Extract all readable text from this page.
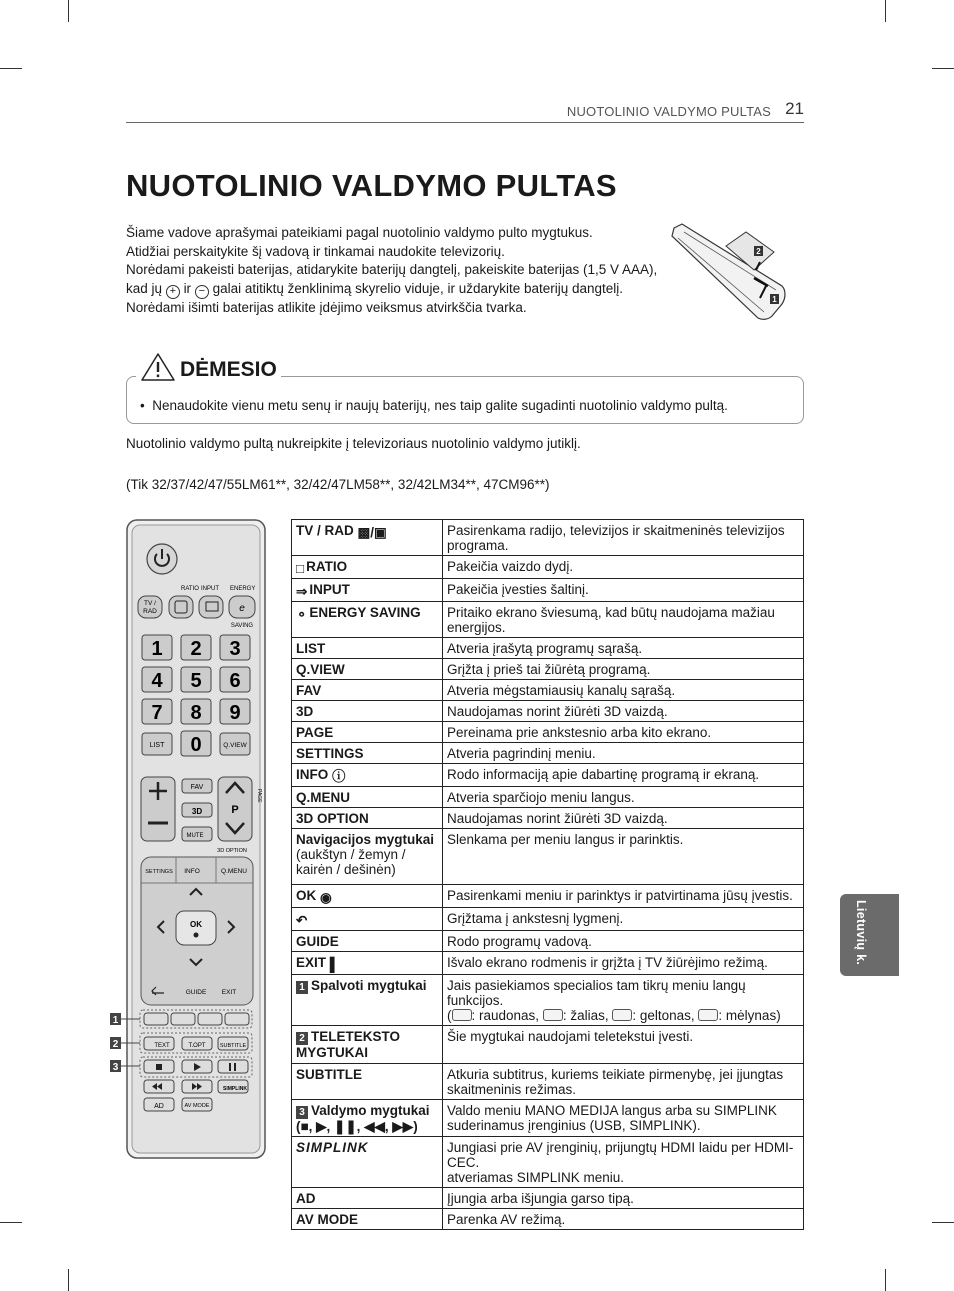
NUOTOLINIO VALDYMO PULTAS 21
NUOTOLINIO VALDYMO PULTAS
Šiame vadove aprašymai pateikiami pagal nuotolinio valdymo pulto mygtukus.
Atidžiai perskaitykite šį vadovą ir tinkamai naudokite televizorių.
Norėdami pakeisti baterijas, atidarykite baterijų dangtelį, pakeiskite baterijas (1,5 V AAA),
kad jų + ir − galai atitiktų ženklinimą skyrelio viduje, ir uždarykite baterijų dangtelį.
Norėdami išimti baterijas atlikite įdėjimo veiksmus atvirkščia tvarka.
2
1
DĖMESIO
• Nenaudokite vienu metu senų ir naujų baterijų, nes taip galite sugadinti nuotolinio valdymo pultą.
Nuotolinio valdymo pultą nukreipkite į televizoriaus nuotolinio valdymo jutiklį.
(Tik 32/37/42/47/55LM61**, 32/42/47LM58**, 32/42LM34**, 47CM96**)
RATIO INPUT ENERGY
TV /
RAD	e
SAVING
1 2 3
4 5 6
7 8 9
0
LIST	Q.VIEW
P
FAV
3D
MUTE
PAGE
3D OPTION
SETTINGS INFO	Q.MENU
OK
GUIDE EXIT
TEXT	T.OPT	SUBTITLE
SIMPLINK
AD	AV MODE
1
2
3
TV / RAD ▩/▣	Pasirenkama radijo, televizijos ir skaitmeninės televizijos programa.
□ RATIO	Pakeičia vaizdo dydį.
⇒ INPUT	Pakeičia įvesties šaltinį.
⚬ ENERGY SAVING	Pritaiko ekrano šviesumą, kad būtų naudojama mažiau energijos.
LIST	Atveria įrašytą programų sąrašą.
Q.VIEW	Grįžta į prieš tai žiūrėtą programą.
FAV	Atveria mėgstamiausių kanalų sąrašą.
3D	Naudojamas norint žiūrėti 3D vaizdą.
PAGE	Pereinama prie ankstesnio arba kito ekrano.
SETTINGS	Atveria pagrindinį meniu.
INFO ⓘ	Rodo informaciją apie dabartinę programą ir ekraną.
Q.MENU	Atveria sparčiojo meniu langus.
3D OPTION	Naudojamas norint žiūrėti 3D vaizdą.
Navigacijos mygtukai
(aukštyn / žemyn / kairėn / dešinėn)	Slenkama per meniu langus ir parinktis.
OK ◉	Pasirenkami meniu ir parinktys ir patvirtinama jūsų įvestis.
↶	Grįžtama į ankstesnį lygmenį.
GUIDE	Rodo programų vadovą.
EXIT ▌	Išvalo ekrano rodmenis ir grįžta į TV žiūrėjimo režimą.
1 Spalvoti mygtukai	Jais pasiekiamos specialios tam tikrų meniu langų funkcijos.
( : raudonas, : žalias, : geltonas, : mėlynas)
2 TELETEKSTO MYGTUKAI	Šie mygtukai naudojami teletekstui įvesti.
SUBTITLE	Atkuria subtitrus, kuriems teikiate pirmenybę, jei įjungtas skaitmeninis režimas.
3 Valdymo mygtukai
(■, ▶, ❚❚, ◀◀, ▶▶)	Valdo meniu MANO MEDIJA langus arba su SIMPLINK suderinamus įrenginius (USB, SIMPLINK).
SIMPLINK	Jungiasi prie AV įrenginių, prijungtų HDMI laidu per HDMI-CEC.
atveriamas SIMPLINK meniu.
AD	Įjungia arba išjungia garso tipą.
AV MODE	Parenka AV režimą.
Lietuvių k.
